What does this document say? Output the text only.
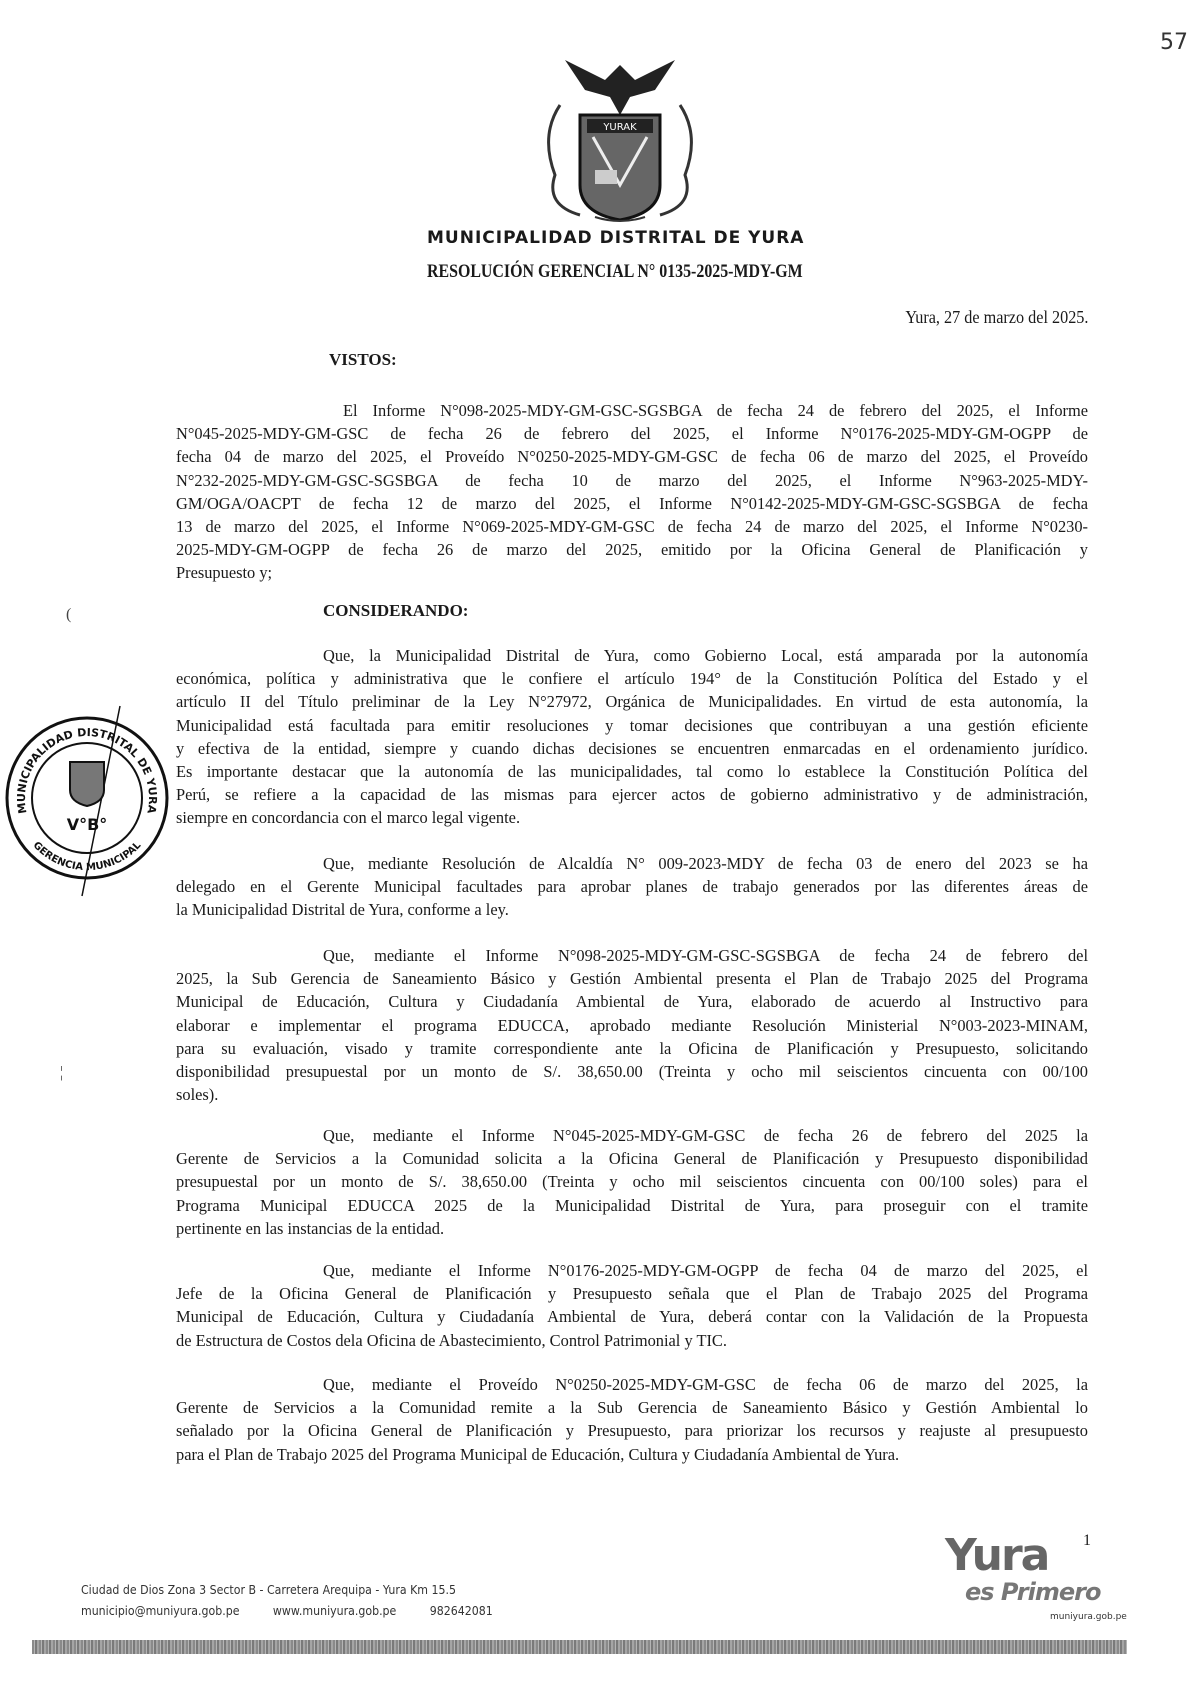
57
YURAK
MUNICIPALIDAD DISTRITAL DE YURA
RESOLUCIÓN GERENCIAL N° 0135-2025-MDY-GM
Yura, 27 de marzo del 2025.
VISTOS:
El Informe N°098-2025-MDY-GM-GSC-SGSBGA de fecha 24 de febrero del 2025, el Informe
N°045-2025-MDY-GM-GSC de fecha 26 de febrero del 2025, el Informe N°0176-2025-MDY-GM-OGPP de
fecha 04 de marzo del 2025, el Proveído N°0250-2025-MDY-GM-GSC de fecha 06 de marzo del 2025, el Proveído
N°232-2025-MDY-GM-GSC-SGSBGA de fecha 10 de marzo del 2025, el Informe N°963-2025-MDY-
GM/OGA/OACPT de fecha 12 de marzo del 2025, el Informe N°0142-2025-MDY-GM-GSC-SGSBGA de fecha
13 de marzo del 2025, el Informe N°069-2025-MDY-GM-GSC de fecha 24 de marzo del 2025, el Informe N°0230-
2025-MDY-GM-OGPP de fecha 26 de marzo del 2025, emitido por la Oficina General de Planificación y
Presupuesto y;
CONSIDERANDO:
Que, la Municipalidad Distrital de Yura, como Gobierno Local, está amparada por la autonomía
económica, política y administrativa que le confiere el artículo 194° de la Constitución Política del Estado y el
artículo II del Título preliminar de la Ley N°27972, Orgánica de Municipalidades. En virtud de esta autonomía, la
Municipalidad está facultada para emitir resoluciones y tomar decisiones que contribuyan a una gestión eficiente
y efectiva de la entidad, siempre y cuando dichas decisiones se encuentren enmarcadas en el ordenamiento jurídico.
Es importante destacar que la autonomía de las municipalidades, tal como lo establece la Constitución Política del
Perú, se refiere a la capacidad de las mismas para ejercer actos de gobierno administrativo y de administración,
siempre en concordancia con el marco legal vigente.
Que, mediante Resolución de Alcaldía N° 009-2023-MDY de fecha 03 de enero del 2023 se ha
delegado en el Gerente Municipal facultades para aprobar planes de trabajo generados por las diferentes áreas de
la Municipalidad Distrital de Yura, conforme a ley.
Que, mediante el Informe N°098-2025-MDY-GM-GSC-SGSBGA de fecha 24 de febrero del
2025, la Sub Gerencia de Saneamiento Básico y Gestión Ambiental presenta el Plan de Trabajo 2025 del Programa
Municipal de Educación, Cultura y Ciudadanía Ambiental de Yura, elaborado de acuerdo al Instructivo para
elaborar e implementar el programa EDUCCA, aprobado mediante Resolución Ministerial N°003-2023-MINAM,
para su evaluación, visado y tramite correspondiente ante la Oficina de Planificación y Presupuesto, solicitando
disponibilidad presupuestal por un monto de S/. 38,650.00 (Treinta y ocho mil seiscientos cincuenta con 00/100
soles).
Que, mediante el Informe N°045-2025-MDY-GM-GSC de fecha 26 de febrero del 2025 la
Gerente de Servicios a la Comunidad solicita a la Oficina General de Planificación y Presupuesto disponibilidad
presupuestal por un monto de S/. 38,650.00 (Treinta y ocho mil seiscientos cincuenta con 00/100 soles) para el
Programa Municipal EDUCCA 2025 de la Municipalidad Distrital de Yura, para proseguir con el tramite
pertinente en las instancias de la entidad.
Que, mediante el Informe N°0176-2025-MDY-GM-OGPP de fecha 04 de marzo del 2025, el
Jefe de la Oficina General de Planificación y Presupuesto señala que el Plan de Trabajo 2025 del Programa
Municipal de Educación, Cultura y Ciudadanía Ambiental de Yura, deberá contar con la Validación de la Propuesta
de Estructura de Costos dela Oficina de Abastecimiento, Control Patrimonial y TIC.
Que, mediante el Proveído N°0250-2025-MDY-GM-GSC de fecha 06 de marzo del 2025, la
Gerente de Servicios a la Comunidad remite a la Sub Gerencia de Saneamiento Básico y Gestión Ambiental lo
señalado por la Oficina General de Planificación y Presupuesto, para priorizar los recursos y reajuste al presupuesto
para el Plan de Trabajo 2025 del Programa Municipal de Educación, Cultura y Ciudadanía Ambiental de Yura.
V°B°
MUNICIPALIDAD DISTRITAL DE YURA
GERENCIA MUNICIPAL
(
¦
Ciudad de Dios Zona 3 Sector B - Carretera Arequipa - Yura Km 15.5
municipio@muniyura.gob.pe	www.muniyura.gob.pe	982642081
Yura 1
es Primero
muniyura.gob.pe
